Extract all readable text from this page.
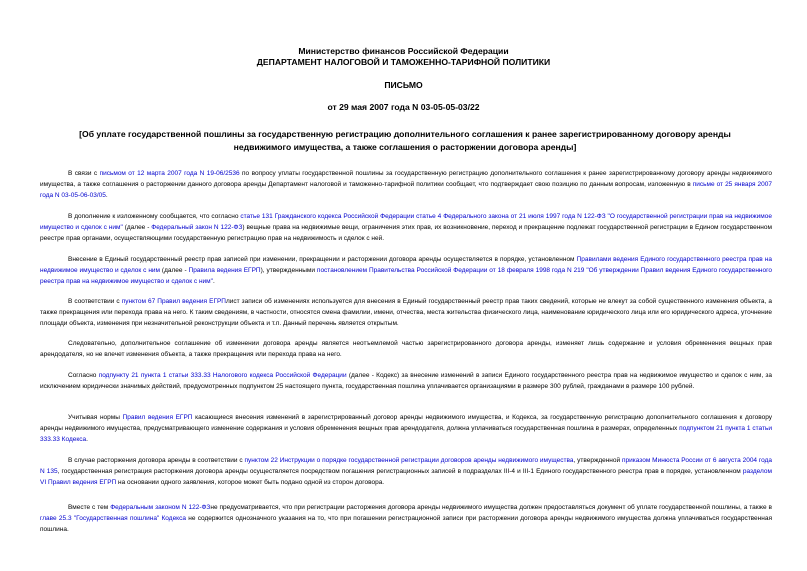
Министерство финансов Российской Федерации
ДЕПАРТАМЕНТ НАЛОГОВОЙ И ТАМОЖЕННО-ТАРИФНОЙ ПОЛИТИКИ
ПИСЬМО
от 29 мая 2007 года N 03-05-05-03/22
[Об уплате государственной пошлины за государственную регистрацию дополнительного соглашения к ранее зарегистрированному договору аренды недвижимого имущества, а также соглашения о расторжении договора аренды]
В связи с письмом от 12 марта 2007 года N 19-06/2536 по вопросу уплаты государственной пошлины за государственную регистрацию дополнительного соглашения к ранее зарегистрированному договору аренды недвижимого имущества, а также соглашения о расторжении данного договора аренды Департамент налоговой и таможенно-тарифной политики сообщает, что подтверждает свою позицию по данным вопросам, изложенную в письме от 25 января 2007 года N 03-05-06-03/05.
В дополнение к изложенному сообщается, что согласно статье 131 Гражданского кодекса Российской Федерации статье 4 Федерального закона от 21 июля 1997 года N 122-ФЗ "О государственной регистрации прав на недвижимое имущество и сделок с ним" (далее - Федеральный закон N 122-ФЗ) вещные права на недвижимые вещи, ограничения этих прав, их возникновение, переход и прекращение подлежат государственной регистрации в Едином государственном реестре прав органами, осуществляющими государственную регистрацию прав на недвижимость и сделок с ней.
Внесение в Единый государственный реестр прав записей при изменении, прекращении и расторжении договора аренды осуществляется в порядке, установленном Правилами ведения Единого государственного реестра прав на недвижимое имущество и сделок с ним (далее - Правила ведения ЕГРП), утвержденными постановлением Правительства Российской Федерации от 18 февраля 1998 года N 219 "Об утверждении Правил ведения Единого государственного реестра прав на недвижимое имущество и сделок с ним".
В соответствии с пунктом 67 Правил ведения ЕГРПлист записи об изменениях используется для внесения в Единый государственный реестр прав таких сведений, которые не влекут за собой существенного изменения объекта, а также прекращения или перехода права на него. К таким сведениям, в частности, относятся смена фамилии, имени, отчества, места жительства физического лица, наименование юридического лица или его юридического адреса, уточнение площади объекта, изменения при незначительной реконструкции объекта и т.п. Данный перечень является открытым.
Следовательно, дополнительное соглашение об изменении договора аренды является неотъемлемой частью зарегистрированного договора аренды, изменяет лишь содержание и условия обременения вещных прав арендодателя, но не влечет изменения объекта, а также прекращения или перехода права на него.
Согласно подпункту 21 пункта 1 статьи 333.33 Налогового кодекса Российской Федерации (далее - Кодекс) за внесение изменений в записи Единого государственного реестра прав на недвижимое имущество и сделок с ним, за исключением юридически значимых действий, предусмотренных подпунктом 25 настоящего пункта, государственная пошлина уплачивается организациями в размере 300 рублей, гражданами в размере 100 рублей.
Учитывая нормы Правил ведения ЕГРП касающиеся внесения изменений в зарегистрированный договор аренды недвижимого имущества, и Кодекса, за государственную регистрацию дополнительного соглашения к договору аренды недвижимого имущества, предусматривающего изменение содержания и условия обременения вещных прав арендодателя, должна уплачиваться государственная пошлина в размерах, определенных подпунктом 21 пункта 1 статьи 333.33 Кодекса.
В случае расторжения договора аренды в соответствии с пунктом 22 Инструкции о порядке государственной регистрации договоров аренды недвижимого имущества, утвержденной приказом Минюста России от 6 августа 2004 года N 135, государственная регистрация расторжения договора аренды осуществляется посредством погашения регистрационных записей в подразделах III-4 и III-1 Единого государственного реестра прав в порядке, установленном разделом VI Правил ведения ЕГРП на основании одного заявления, которое может быть подано одной из сторон договора.
Вместе с тем Федеральным законом N 122-ФЗне предусматривается, что при регистрации расторжения договора аренды недвижимого имущества должен предоставляться документ об уплате государственной пошлины, а также в главе 25.3 "Государственная пошлина" Кодекса не содержится однозначного указания на то, что при погашении регистрационной записи при расторжении договора аренды недвижимого имущества должна уплачиваться государственная пошлина.
